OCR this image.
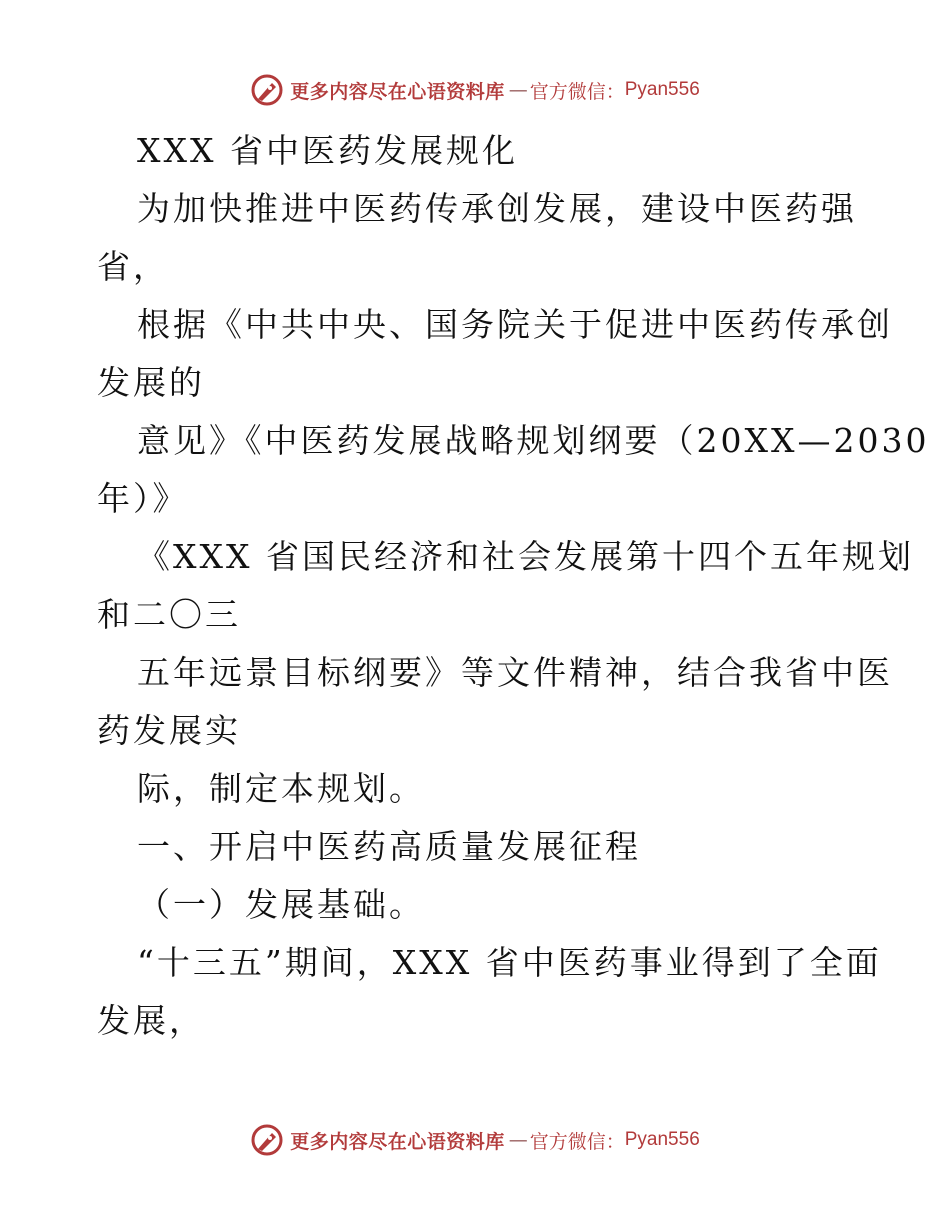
更多内容尽在心语资料库 — 官方微信： Pyan556
XXX 省中医药发展规化
为加快推进中医药传承创发展，建设中医药强
省，
根据《中共中央、国务院关于促进中医药传承创
发展的
意见》《中医药发展战略规划纲要（20XX—2030
年）》
《XXX 省国民经济和社会发展第十四个五年规划
和二〇三
五年远景目标纲要》等文件精神，结合我省中医
药发展实
际，制定本规划。
一、开启中医药高质量发展征程
（一）发展基础。
“十三五”期间，XXX 省中医药事业得到了全面
发展，
更多内容尽在心语资料库 — 官方微信： Pyan556
